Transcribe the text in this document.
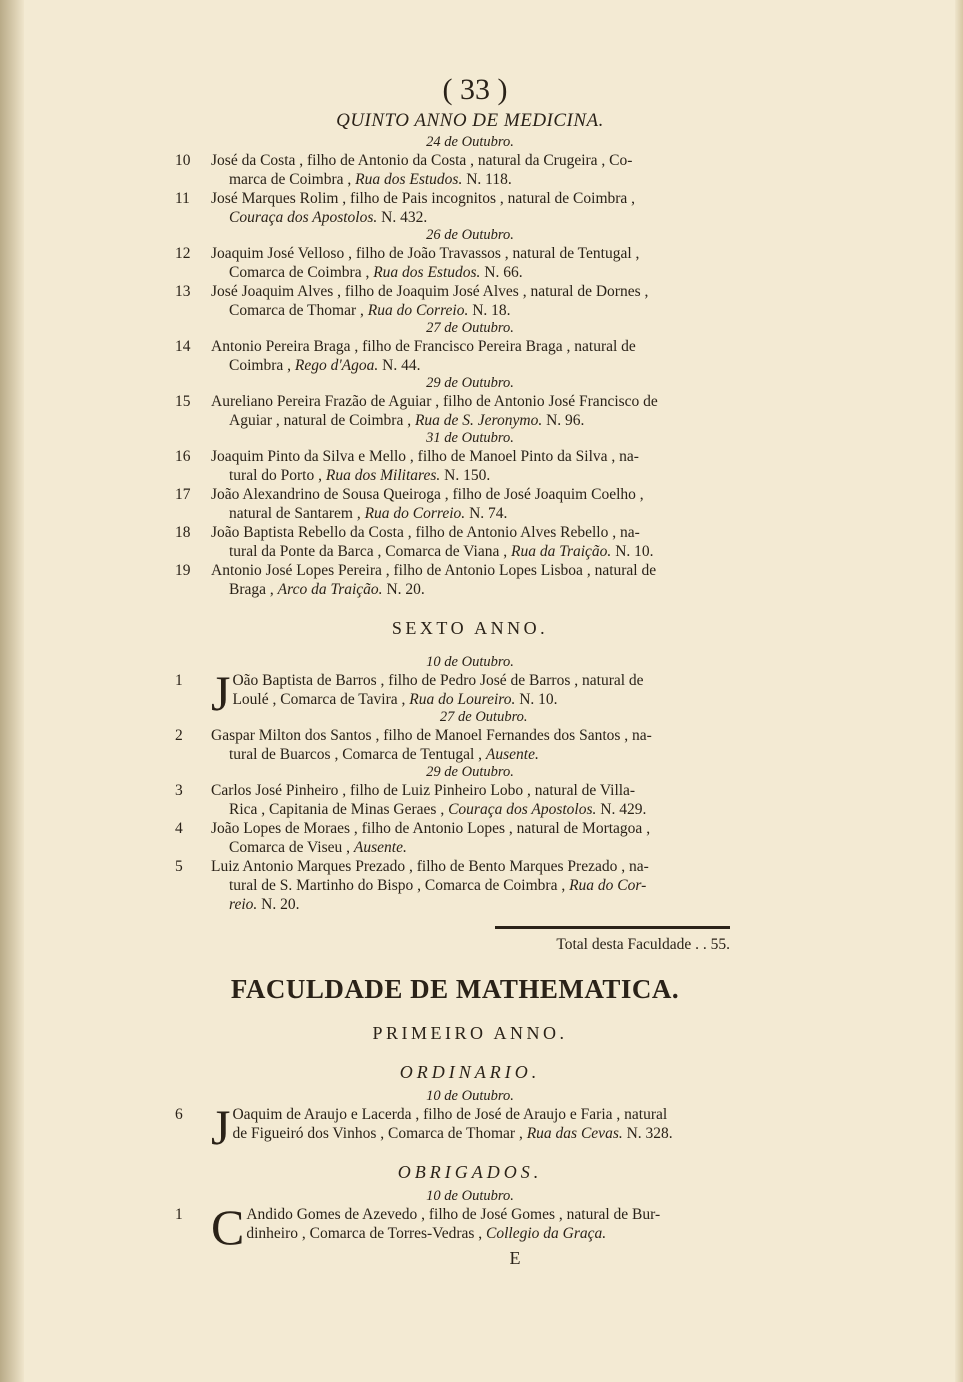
( 33 )
QUINTO ANNO DE MEDICINA.
24 de Outubro.
10	José da Costa , filho de Antonio da Costa , natural da Crugeira , Co-
marca de Coimbra , Rua dos Estudos. N. 118.
11	José Marques Rolim , filho de Pais incognitos , natural de Coimbra ,
Couraça dos Apostolos. N. 432.
26 de Outubro.
12	Joaquim José Velloso , filho de João Travassos , natural de Tentugal ,
Comarca de Coimbra , Rua dos Estudos. N. 66.
13	José Joaquim Alves , filho de Joaquim José Alves , natural de Dornes ,
Comarca de Thomar , Rua do Correio. N. 18.
27 de Outubro.
14	Antonio Pereira Braga , filho de Francisco Pereira Braga , natural de
Coimbra , Rego d'Agoa. N. 44.
29 de Outubro.
15	Aureliano Pereira Frazão de Aguiar , filho de Antonio José Francisco de
Aguiar , natural de Coimbra , Rua de S. Jeronymo. N. 96.
31 de Outubro.
16	Joaquim Pinto da Silva e Mello , filho de Manoel Pinto da Silva , na-
tural do Porto , Rua dos Militares. N. 150.
17	João Alexandrino de Sousa Queiroga , filho de José Joaquim Coelho ,
natural de Santarem , Rua do Correio. N. 74.
18	João Baptista Rebello da Costa , filho de Antonio Alves Rebello , na-
tural da Ponte da Barca , Comarca de Viana , Rua da Traição. N. 10.
19	Antonio José Lopes Pereira , filho de Antonio Lopes Lisboa , natural de
Braga , Arco da Traição. N. 20.
SEXTO ANNO.
10 de Outubro.
1 J Oão Baptista de Barros , filho de Pedro José de Barros , natural de
Loulé , Comarca de Tavira , Rua do Loureiro. N. 10.
27 de Outubro.
2	Gaspar Milton dos Santos , filho de Manoel Fernandes dos Santos , na-
tural de Buarcos , Comarca de Tentugal , Ausente.
29 de Outubro.
3	Carlos José Pinheiro , filho de Luiz Pinheiro Lobo , natural de Villa-
Rica , Capitania de Minas Geraes , Couraça dos Apostolos. N. 429.
4	João Lopes de Moraes , filho de Antonio Lopes , natural de Mortagoa ,
Comarca de Viseu , Ausente.
5	Luiz Antonio Marques Prezado , filho de Bento Marques Prezado , na-
tural de S. Martinho do Bispo , Comarca de Coimbra , Rua do Cor-
reio. N. 20.
Total desta Faculdade . . 55.
FACULDADE DE MATHEMATICA.
PRIMEIRO ANNO.
ORDINARIO.
10 de Outubro.
6 J Oaquim de Araujo e Lacerda , filho de José de Araujo e Faria , natural
de Figueiró dos Vinhos , Comarca de Thomar , Rua das Cevas. N. 328.
OBRIGADOS.
10 de Outubro.
1 C Andido Gomes de Azevedo , filho de José Gomes , natural de Bur-
dinheiro , Comarca de Torres-Vedras , Collegio da Graça.
E
